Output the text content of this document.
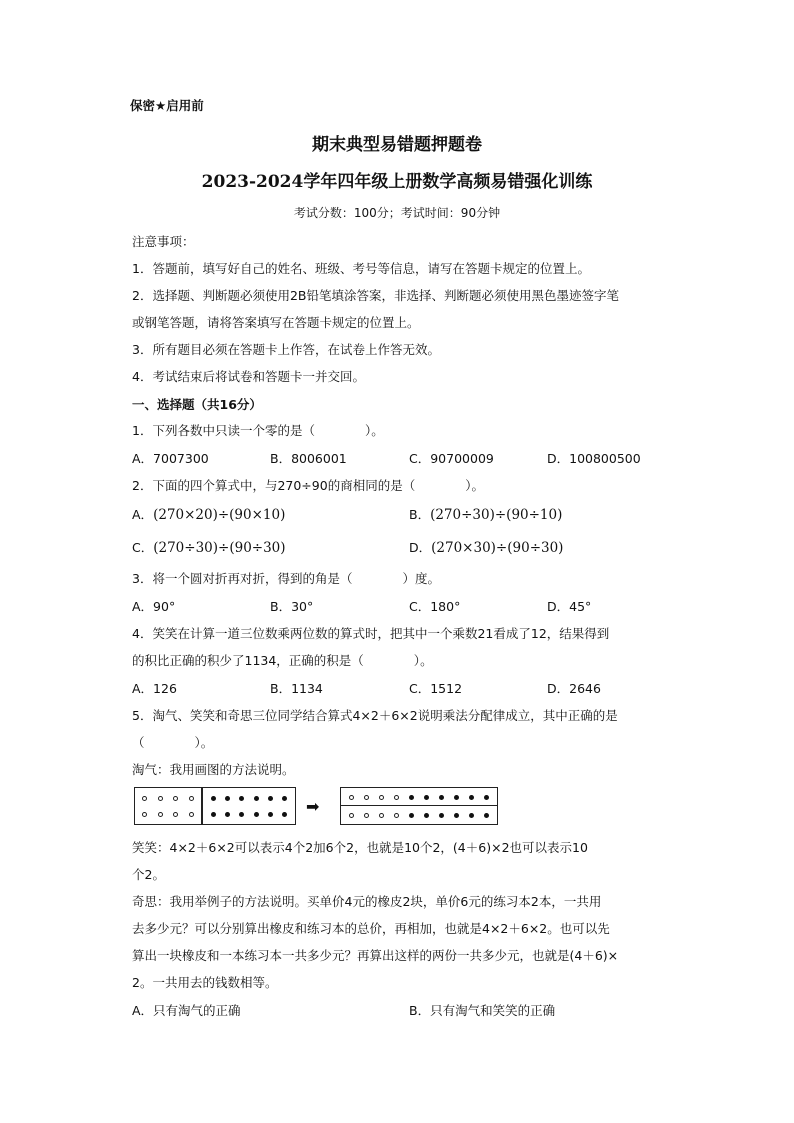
保密★启用前
期末典型易错题押题卷
2023-2024学年四年级上册数学高频易错强化训练
考试分数：100分；考试时间：90分钟
注意事项：
1．答题前，填写好自己的姓名、班级、考号等信息，请写在答题卡规定的位置上。
2．选择题、判断题必须使用2B铅笔填涂答案，非选择、判断题必须使用黑色墨迹签字笔
或钢笔答题，请将答案填写在答题卡规定的位置上。
3．所有题目必须在答题卡上作答，在试卷上作答无效。
4．考试结束后将试卷和答题卡一并交回。
一、选择题（共16分）
1．下列各数中只读一个零的是（　　　　）。
A．7007300	B．8006001	C．90700009	D．100800500
2．下面的四个算式中，与270÷90的商相同的是（　　　　）。
A．(270×20)÷(90×10)	B．(270÷30)÷(90÷10)
C．(270÷30)÷(90÷30)	D．(270×30)÷(90÷30)
3．将一个圆对折再对折，得到的角是（　　　　）度。
A．90°	B．30°	C．180°	D．45°
4．笑笑在计算一道三位数乘两位数的算式时，把其中一个乘数21看成了12，结果得到
的积比正确的积少了1134，正确的积是（　　　　）。
A．126	B．1134	C．1512	D．2646
5．淘气、笑笑和奇思三位同学结合算式4×2＋6×2说明乘法分配律成立，其中正确的是
（　　　　）。
淘气：我用画图的方法说明。
➡
笑笑：4×2＋6×2可以表示4个2加6个2，也就是10个2，(4＋6)×2也可以表示10
个2。
奇思：我用举例子的方法说明。买单价4元的橡皮2块，单价6元的练习本2本，一共用
去多少元？可以分别算出橡皮和练习本的总价，再相加，也就是4×2＋6×2。也可以先
算出一块橡皮和一本练习本一共多少元？再算出这样的两份一共多少元，也就是(4＋6)×
2。一共用去的钱数相等。
A．只有淘气的正确	B．只有淘气和笑笑的正确
